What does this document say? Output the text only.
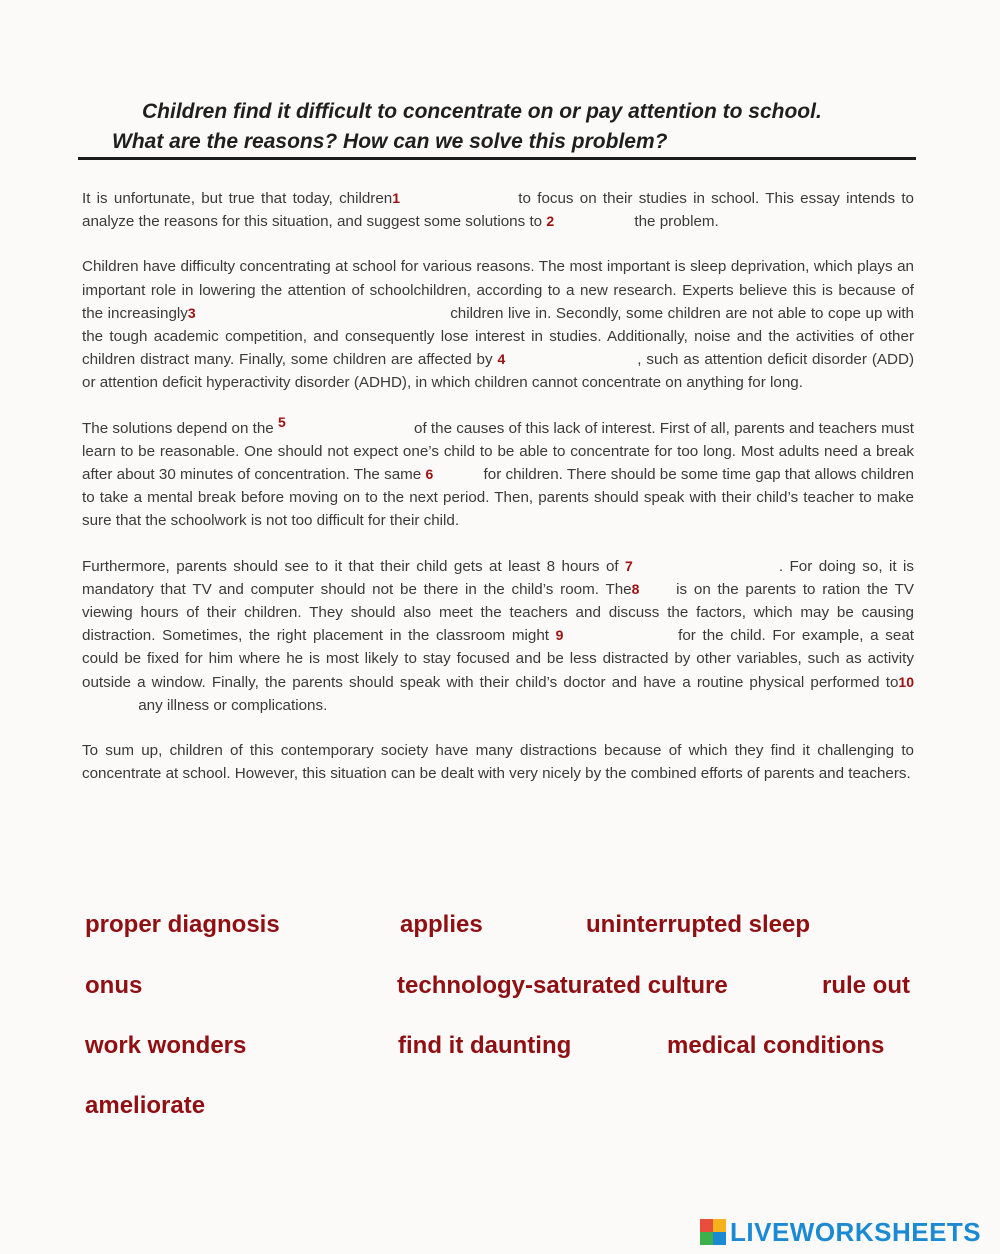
Children find it difficult to concentrate on or pay attention to school.
What are the reasons? How can we solve this problem?

It is unfortunate, but true that today, children1	to focus on their studies in school. This essay intends to analyze the reasons for this situation, and suggest some solutions to 2	the problem.

Children have difficulty concentrating at school for various reasons. The most important is sleep deprivation, which plays an important role in lowering the attention of schoolchildren, according to a new research. Experts believe this is because of the increasingly3	children live in. Secondly, some children are not able to cope up with the tough academic competition, and consequently lose interest in studies. Additionally, noise and the activities of other children distract many. Finally, some children are affected by 4	, such as attention deficit disorder (ADD) or attention deficit hyperactivity disorder (ADHD), in which children cannot concentrate on anything for long.

The solutions depend on the 5	of the causes of this lack of interest. First of all, parents and teachers must learn to be reasonable. One should not expect one’s child to be able to concentrate for too long. Most adults need a break after about 30 minutes of concentration. The same 6	for children. There should be some time gap that allows children to take a mental break before moving on to the next period. Then, parents should speak with their child’s teacher to make sure that the schoolwork is not too difficult for their child.

Furthermore, parents should see to it that their child gets at least 8 hours of 7	. For doing so, it is mandatory that TV and computer should not be there in the child’s room. The8 is on the parents to ration the TV viewing hours of their children. They should also meet the teachers and discuss the factors, which may be causing distraction. Sometimes, the right placement in the classroom might 9	for the child. For example, a seat could be fixed for him where he is most likely to stay focused and be less distracted by other variables, such as activity outside a window. Finally, the parents should speak with their child’s doctor and have a routine physical performed to10 any illness or complications.

To sum up, children of this contemporary society have many distractions because of which they find it challenging to concentrate at school. However, this situation can be dealt with very nicely by the combined efforts of parents and teachers.

proper diagnosis	applies	uninterrupted sleep
onus	technology-saturated culture	rule out
work wonders	find it daunting	medical conditions
ameliorate
LIVEWORKSHEETS
